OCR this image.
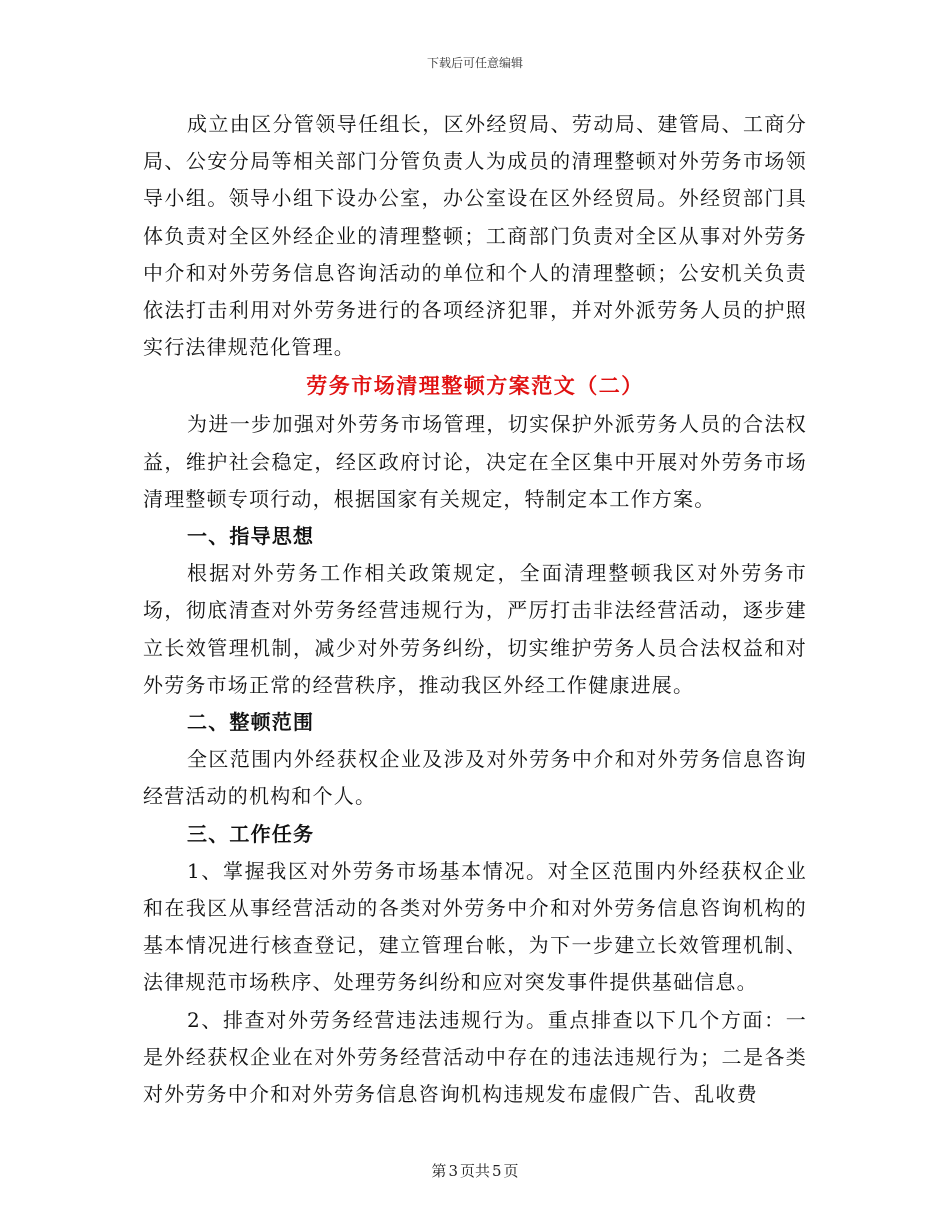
下载后可任意编辑

成立由区分管领导任组长，区外经贸局、劳动局、建管局、工商分局、公安分局等相关部门分管负责人为成员的清理整顿对外劳务市场领导小组。领导小组下设办公室，办公室设在区外经贸局。外经贸部门具体负责对全区外经企业的清理整顿；工商部门负责对全区从事对外劳务中介和对外劳务信息咨询活动的单位和个人的清理整顿；公安机关负责依法打击利用对外劳务进行的各项经济犯罪，并对外派劳务人员的护照实行法律规范化管理。

劳务市场清理整顿方案范文（二）

为进一步加强对外劳务市场管理，切实保护外派劳务人员的合法权益，维护社会稳定，经区政府讨论，决定在全区集中开展对外劳务市场清理整顿专项行动，根据国家有关规定，特制定本工作方案。

一、指导思想

根据对外劳务工作相关政策规定，全面清理整顿我区对外劳务市场，彻底清查对外劳务经营违规行为，严厉打击非法经营活动，逐步建立长效管理机制，减少对外劳务纠纷，切实维护劳务人员合法权益和对外劳务市场正常的经营秩序，推动我区外经工作健康进展。

二、整顿范围

全区范围内外经获权企业及涉及对外劳务中介和对外劳务信息咨询经营活动的机构和个人。

三、工作任务

1、掌握我区对外劳务市场基本情况。对全区范围内外经获权企业和在我区从事经营活动的各类对外劳务中介和对外劳务信息咨询机构的基本情况进行核查登记，建立管理台帐，为下一步建立长效管理机制、法律规范市场秩序、处理劳务纠纷和应对突发事件提供基础信息。

2、排查对外劳务经营违法违规行为。重点排查以下几个方面：一是外经获权企业在对外劳务经营活动中存在的违法违规行为；二是各类对外劳务中介和对外劳务信息咨询机构违规发布虚假广告、乱收费

第 3 页共 5 页
